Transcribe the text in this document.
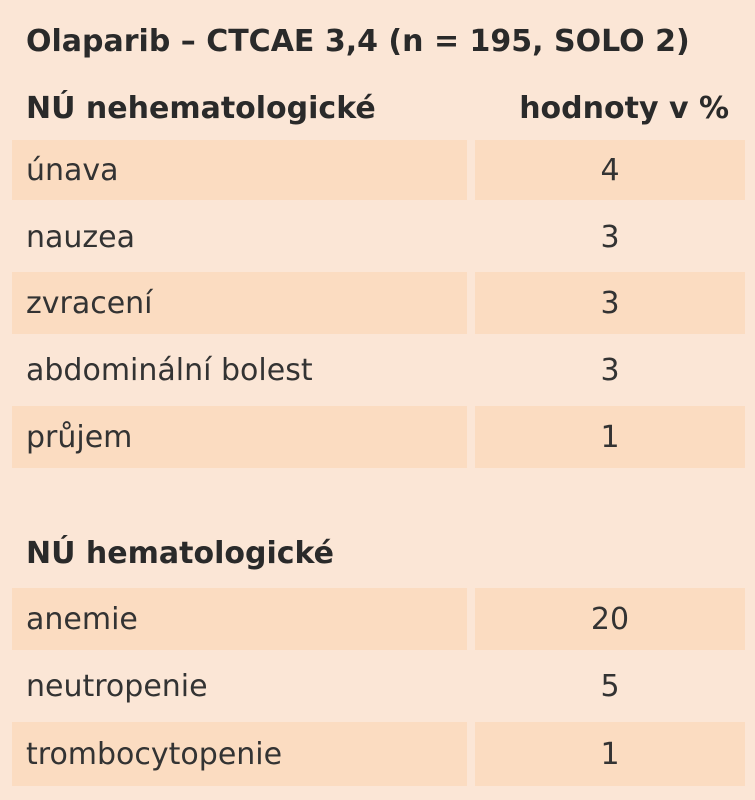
Olaparib – CTCAE 3,4 (n = 195, SOLO 2)
NÚ nehematologické	hodnoty v %
únava	4
nauzea	3
zvracení	3
abdominální bolest	3
průjem	1
NÚ hematologické
anemie	20
neutropenie	5
trombocytopenie	1
